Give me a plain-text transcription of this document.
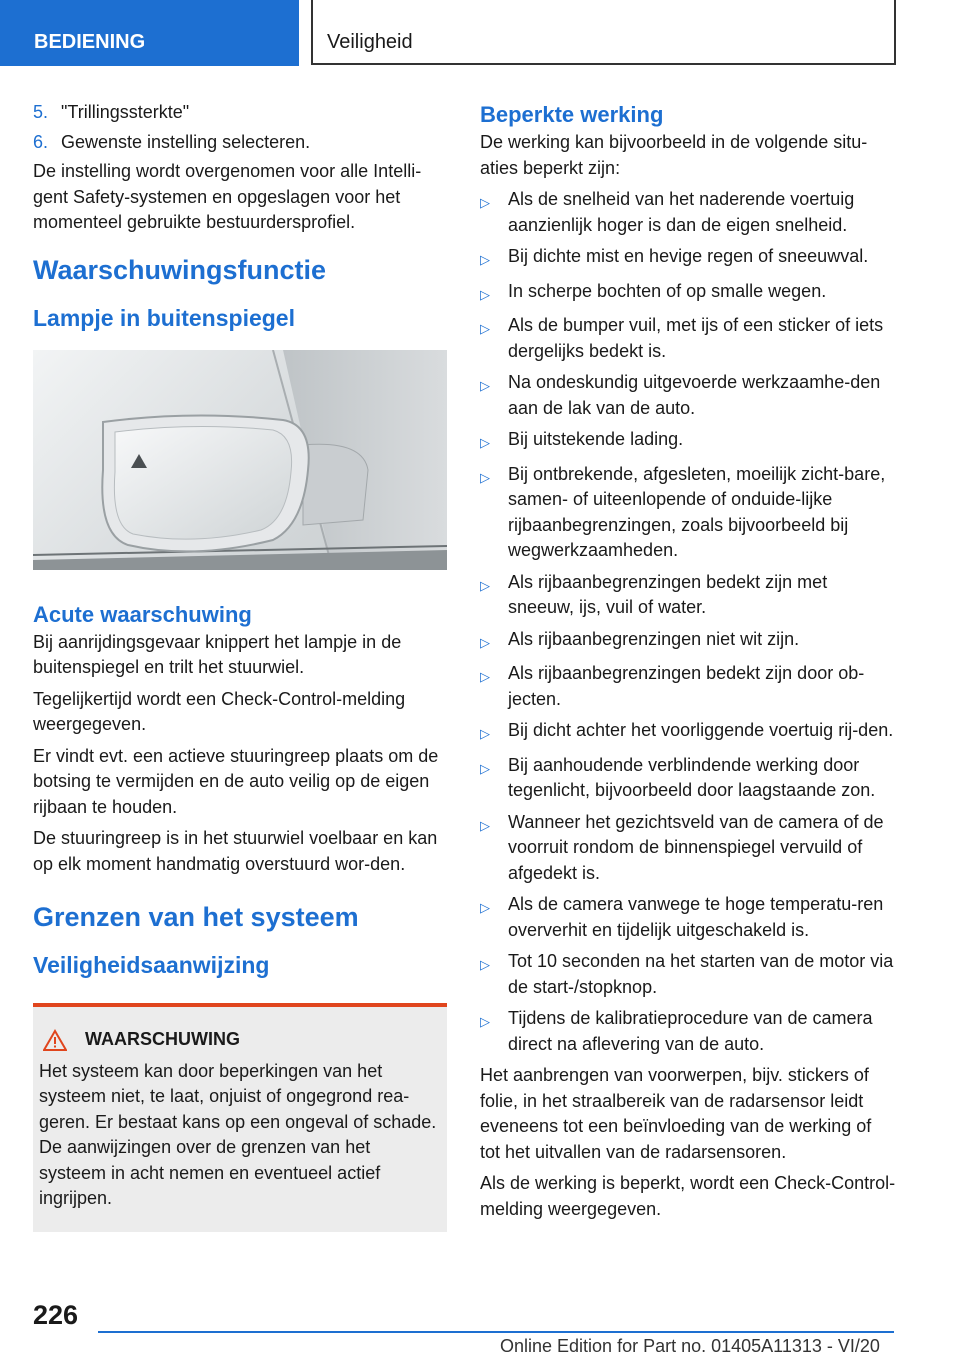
BEDIENING	Veiligheid
5. "Trillingssterkte"
6. Gewenste instelling selecteren.

De instelling wordt overgenomen voor alle Intelli-gent Safety-systemen en opgeslagen voor het momenteel gebruikte bestuurdersprofiel.

Waarschuwingsfunctie
Lampje in buitenspiegel
Acute waarschuwing

Bij aanrijdingsgevaar knippert het lampje in de buitenspiegel en trilt het stuurwiel.

Tegelijkertijd wordt een Check-Control-melding weergegeven.

Er vindt evt. een actieve stuuringreep plaats om de botsing te vermijden en de auto veilig op de eigen rijbaan te houden.

De stuuringreep is in het stuurwiel voelbaar en kan op elk moment handmatig overstuurd wor-den.

Grenzen van het systeem
Veiligheidsaanwijzing
WAARSCHUWING

Het systeem kan door beperkingen van het systeem niet, te laat, onjuist of ongegrond rea-geren. Er bestaat kans op een ongeval of schade. De aanwijzingen over de grenzen van het systeem in acht nemen en eventueel actief ingrijpen.

Beperkte werking

De werking kan bijvoorbeeld in de volgende situ-aties beperkt zijn:

▷	Als de snelheid van het naderende voertuig aanzienlijk hoger is dan de eigen snelheid.
▷	Bij dichte mist en hevige regen of sneeuwval.
▷	In scherpe bochten of op smalle wegen.
▷	Als de bumper vuil, met ijs of een sticker of iets dergelijks bedekt is.
▷	Na ondeskundig uitgevoerde werkzaamhe-den aan de lak van de auto.
▷	Bij uitstekende lading.
▷	Bij ontbrekende, afgesleten, moeilijk zicht-bare, samen- of uiteenlopende of onduide-lijke rijbaanbegrenzingen, zoals bijvoorbeeld bij wegwerkzaamheden.
▷	Als rijbaanbegrenzingen bedekt zijn met sneeuw, ijs, vuil of water.
▷	Als rijbaanbegrenzingen niet wit zijn.
▷	Als rijbaanbegrenzingen bedekt zijn door ob-jecten.
▷	Bij dicht achter het voorliggende voertuig rij-den.
▷	Bij aanhoudende verblindende werking door tegenlicht, bijvoorbeeld door laagstaande zon.
▷	Wanneer het gezichtsveld van de camera of de voorruit rondom de binnenspiegel vervuild of afgedekt is.
▷	Als de camera vanwege te hoge temperatu-ren oververhit en tijdelijk uitgeschakeld is.
▷	Tot 10 seconden na het starten van de motor via de start-/stopknop.
▷	Tijdens de kalibratieprocedure van de camera direct na aflevering van de auto.

Het aanbrengen van voorwerpen, bijv. stickers of folie, in het straalbereik van de radarsensor leidt eveneens tot een beïnvloeding van de werking of tot het uitvallen van de radarsensoren.

Als de werking is beperkt, wordt een Check-Control-melding weergegeven.

226
Online Edition for Part no. 01405A11313 - VI/20
